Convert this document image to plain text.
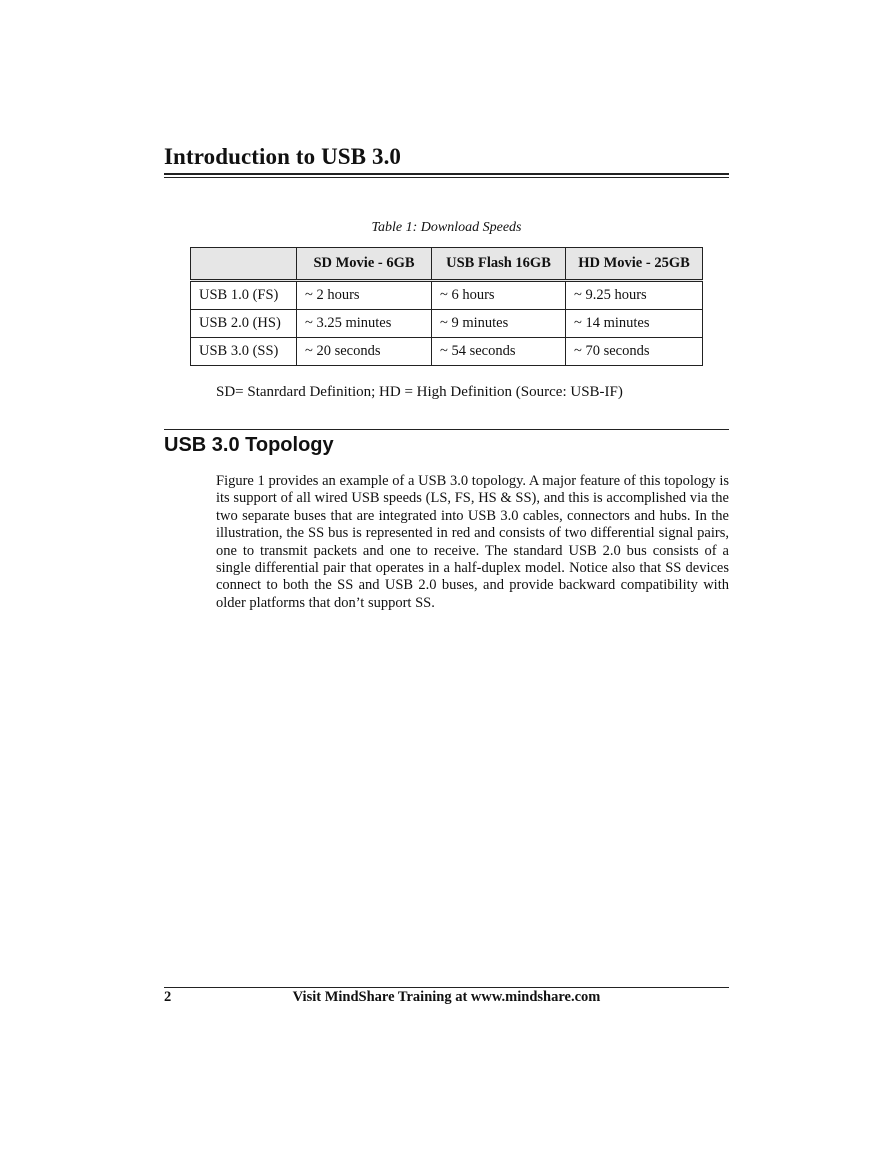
Introduction to USB 3.0
Table 1: Download Speeds
	SD Movie - 6GB	USB Flash 16GB	HD Movie - 25GB
USB 1.0 (FS)	~ 2 hours	~ 6 hours	~ 9.25 hours
USB 2.0 (HS)	~ 3.25 minutes	~ 9 minutes	~ 14 minutes
USB 3.0 (SS)	~ 20 seconds	~ 54 seconds	~ 70 seconds
SD= Stanrdard Definition; HD = High Definition (Source: USB-IF)
USB 3.0 Topology
Figure 1 provides an example of a USB 3.0 topology. A major feature of this topology is its support of all wired USB speeds (LS, FS, HS & SS), and this is accomplished via the two separate buses that are integrated into USB 3.0 cables, connectors and hubs. In the illustration, the SS bus is represented in red and consists of two differential signal pairs, one to transmit packets and one to receive. The standard USB 2.0 bus consists of a single differential pair that operates in a half-duplex model. Notice also that SS devices connect to both the SS and USB 2.0 buses, and provide backward compatibility with older platforms that don’t support SS.
2	Visit MindShare Training at www.mindshare.com
